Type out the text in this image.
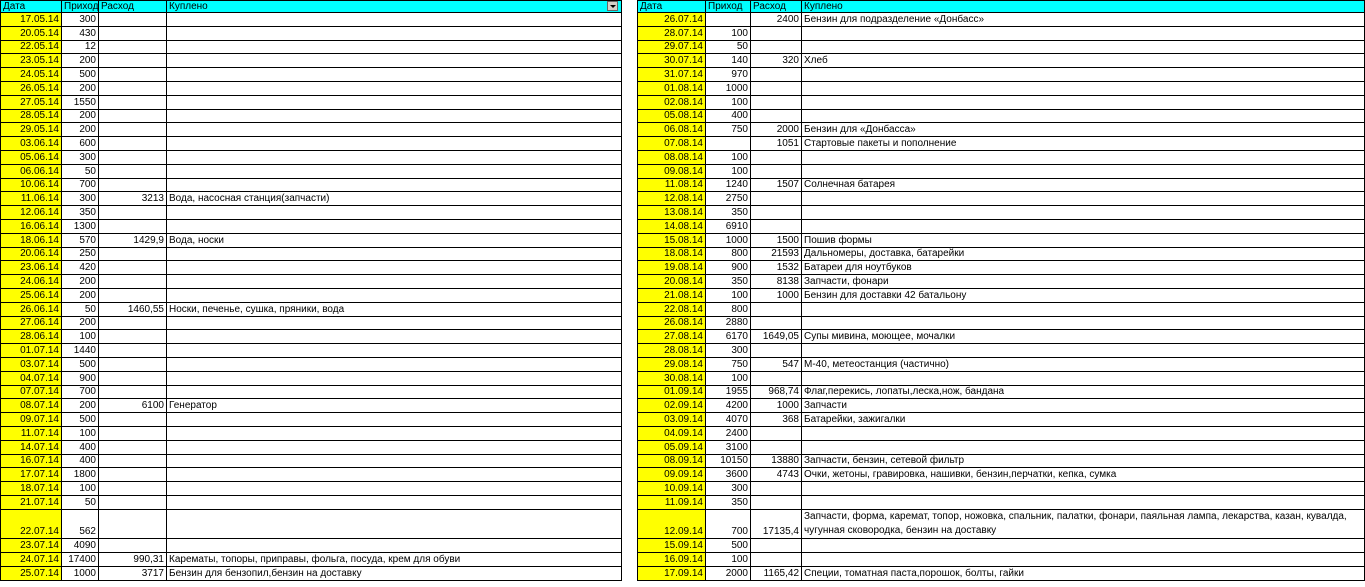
Дата	Приход	Расход	Куплено

17.05.14	300		
20.05.14	430		
22.05.14	12		
23.05.14	200		
24.05.14	500		
26.05.14	200		
27.05.14	1550		
28.05.14	200		
29.05.14	200		
03.06.14	600		
05.06.14	300		
06.06.14	50		
10.06.14	700		
11.06.14	300	3213	Вода, насосная станция(запчасти)
12.06.14	350		
16.06.14	1300		
18.06.14	570	1429,9	Вода, носки
20.06.14	250		
23.06.14	420		
24.06.14	200		
25.06.14	200		
26.06.14	50	1460,55	Носки, печенье, сушка, пряники, вода
27.06.14	200		
28.06.14	100		
01.07.14	1440		
03.07.14	500		
04.07.14	900		
07.07.14	700		
08.07.14	200	6100	Генератор
09.07.14	500		
11.07.14	100		
14.07.14	400		
16.07.14	400		
17.07.14	1800		
18.07.14	100		
21.07.14	50		
22.07.14	562		
23.07.14	4090		
24.07.14	17400	990,31	Карематы, топоры, приправы, фольга, посуда, крем для обуви
25.07.14	1000	3717	Бензин для бензопил,бензин на доставку
Дата	Приход	Расход	Куплено
26.07.14		2400	Бензин для подразделение «Донбасс»
28.07.14	100		
29.07.14	50		
30.07.14	140	320	Хлеб
31.07.14	970		
01.08.14	1000		
02.08.14	100		
05.08.14	400		
06.08.14	750	2000	Бензин для «Донбасса»
07.08.14		1051	Стартовые пакеты и пополнение
08.08.14	100		
09.08.14	100		
11.08.14	1240	1507	Солнечная батарея
12.08.14	2750		
13.08.14	350		
14.08.14	6910		
15.08.14	1000	1500	Пошив формы
18.08.14	800	21593	Дальномеры, доставка, батарейки
19.08.14	900	1532	Батареи для ноутбуков
20.08.14	350	8138	Запчасти, фонари
21.08.14	100	1000	Бензин для доставки 42 батальону
22.08.14	800		
26.08.14	2880		
27.08.14	6170	1649,05	Супы мивина, моющее, мочалки
28.08.14	300		
29.08.14	750	547	М-40, метеостанция (частично)
30.08.14	100		
01.09.14	1955	968,74	Флаг,перекись, лопаты,леска,нож, бандана
02.09.14	4200	1000	Запчасти
03.09.14	4070	368	Батарейки, зажигалки
04.09.14	2400		
05.09.14	3100		
08.09.14	10150	13880	Запчасти, бензин, сетевой фильтр
09.09.14	3600	4743	Очки, жетоны, гравировка, нашивки, бензин,перчатки, кепка, сумка
10.09.14	300		
11.09.14	350		
12.09.14	700	17135,4	Запчасти, форма, каремат, топор, ножовка, спальник, палатки, фонари, паяльная лампа, лекарства, казан, кувалда, чугунная сковородка, бензин на доставку
15.09.14	500		
16.09.14	100		
17.09.14	2000	1165,42	Специи, томатная паста,порошок, болты, гайки
